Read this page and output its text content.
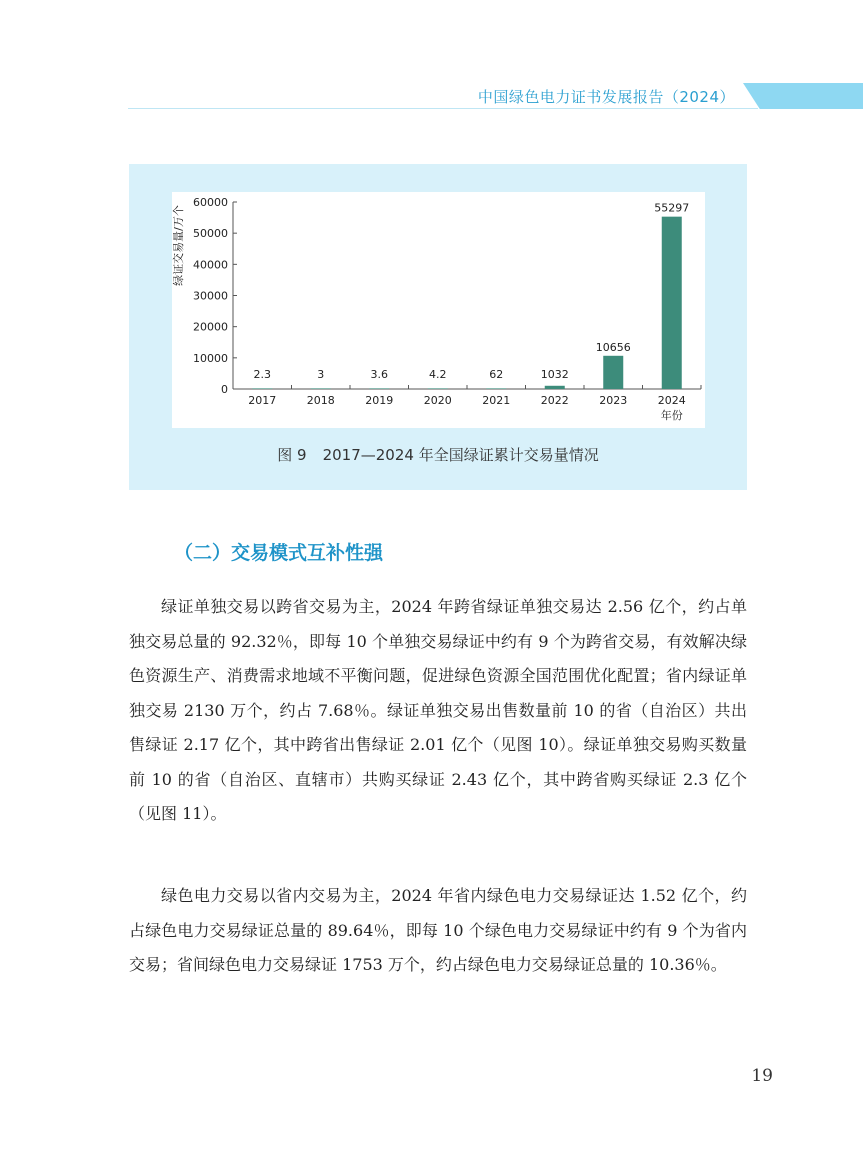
中国绿色电力证书发展报告（2024）
0
10000
20000
30000
40000
50000
60000
2.3
2017
3
2018
3.6
2019
4.2
2020
62
2021
1032
2022
10656
2023
55297
2024
年份
绿证交易量/万个
图 9 2017—2024 年全国绿证累计交易量情况
（二）交易模式互补性强

绿证单独交易以跨省交易为主，2024 年跨省绿证单独交易达 2.56 亿个，约占单独交易总量的 92.32％，即每 10 个单独交易绿证中约有 9 个为跨省交易，有效解决绿色资源生产、消费需求地域不平衡问题，促进绿色资源全国范围优化配置；省内绿证单独交易 2130 万个，约占 7.68％。绿证单独交易出售数量前 10 的省（自治区）共出售绿证 2.17 亿个，其中跨省出售绿证 2.01 亿个（见图 10）。绿证单独交易购买数量前 10 的省（自治区、直辖市）共购买绿证 2.43 亿个，其中跨省购买绿证 2.3 亿个（见图 11）。

绿色电力交易以省内交易为主，2024 年省内绿色电力交易绿证达 1.52 亿个，约占绿色电力交易绿证总量的 89.64％，即每 10 个绿色电力交易绿证中约有 9 个为省内交易；省间绿色电力交易绿证 1753 万个，约占绿色电力交易绿证总量的 10.36％。

19
